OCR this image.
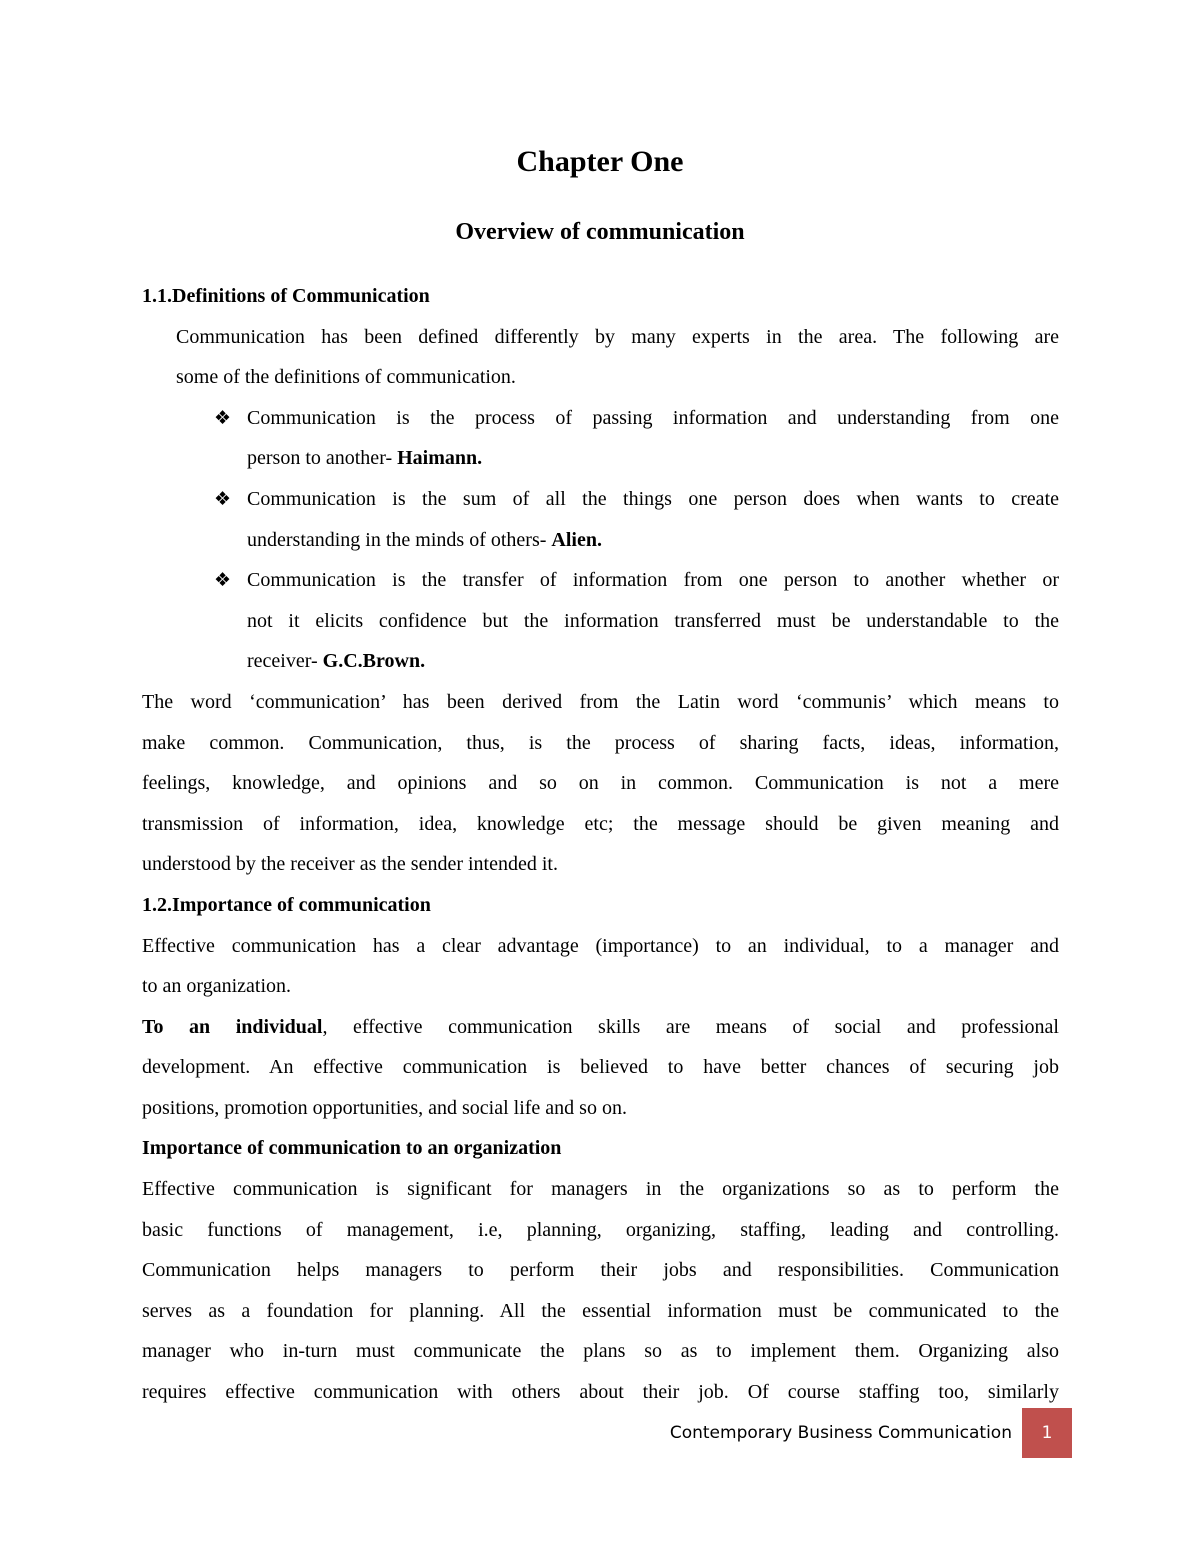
Chapter One
Overview of communication
1.1.Definitions of Communication
Communication has been defined differently by many experts in the area. The following are
some of the definitions of communication.
❖ Communication is the process of passing information and understanding from one
person to another- Haimann.
❖ Communication is the sum of all the things one person does when wants to create
understanding in the minds of others- Alien.
❖ Communication is the transfer of information from one person to another whether or
not it elicits confidence but the information transferred must be understandable to the
receiver- G.C.Brown.
The word ‘communication’ has been derived from the Latin word ‘communis’ which means to
make common. Communication, thus, is the process of sharing facts, ideas, information,
feelings, knowledge, and opinions and so on in common. Communication is not a mere
transmission of information, idea, knowledge etc; the message should be given meaning and
understood by the receiver as the sender intended it.
1.2.Importance of communication
Effective communication has a clear advantage (importance) to an individual, to a manager and
to an organization.
To an individual, effective communication skills are means of social and professional
development. An effective communication is believed to have better chances of securing job
positions, promotion opportunities, and social life and so on.
Importance of communication to an organization
Effective communication is significant for managers in the organizations so as to perform the
basic functions of management, i.e, planning, organizing, staffing, leading and controlling.
Communication helps managers to perform their jobs and responsibilities. Communication
serves as a foundation for planning. All the essential information must be communicated to the
manager who in-turn must communicate the plans so as to implement them. Organizing also
requires effective communication with others about their job. Of course staffing too, similarly
Contemporary Business Communication	1
